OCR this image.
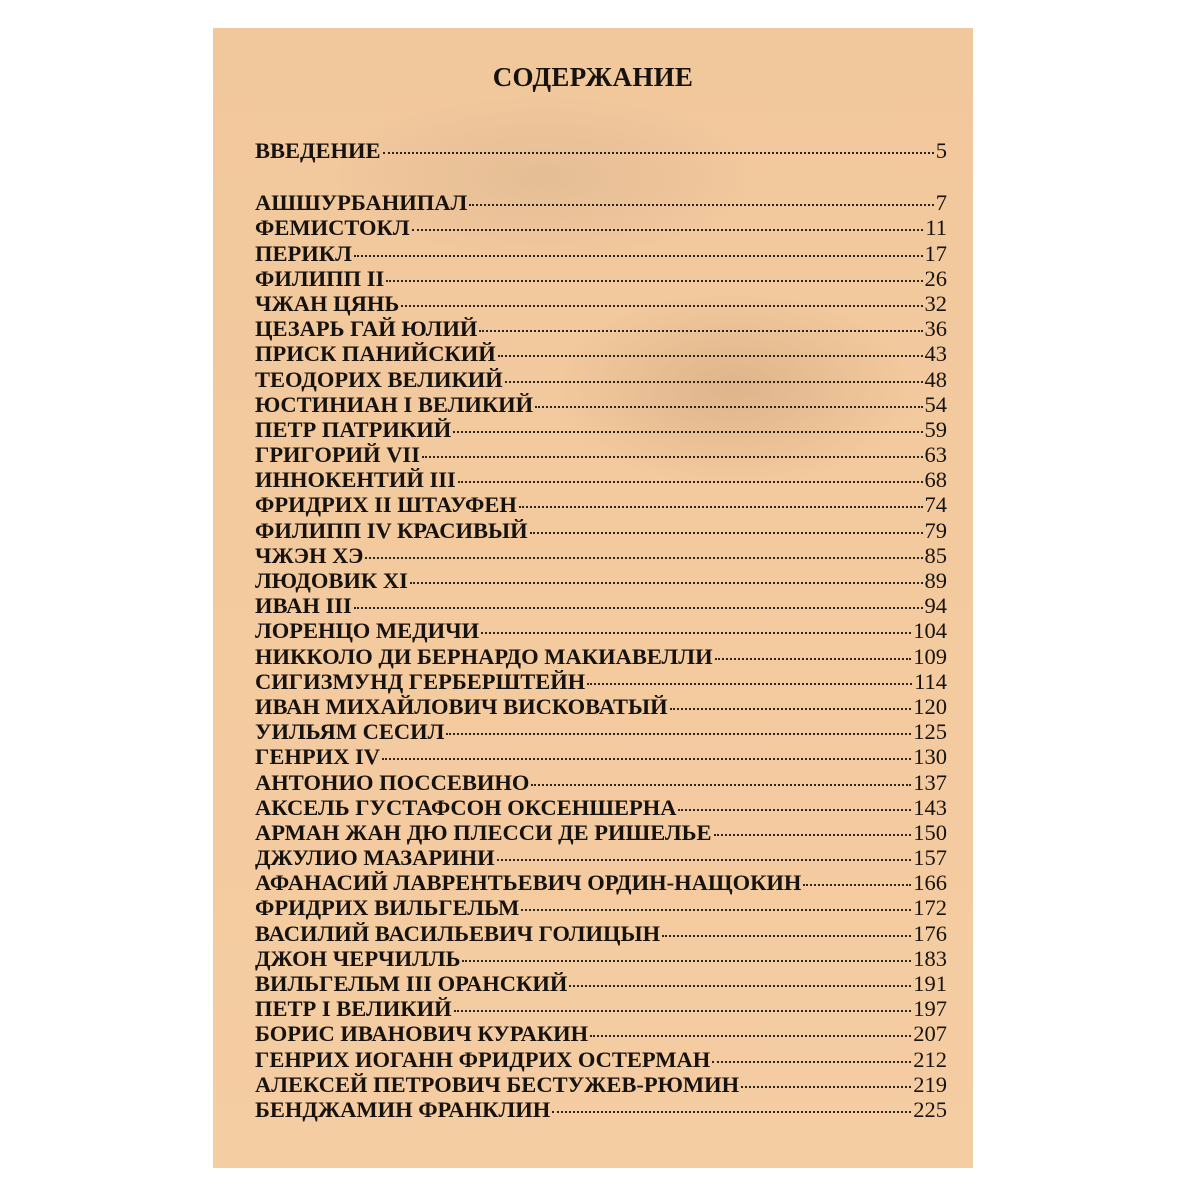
СОДЕРЖАНИЕ
ВВЕДЕНИЕ	5
АШШУРБАНИПАЛ	7
ФЕМИСТОКЛ	11
ПЕРИКЛ	17
ФИЛИПП II	26
ЧЖАН ЦЯНЬ	32
ЦЕЗАРЬ ГАЙ ЮЛИЙ	36
ПРИСК ПАНИЙСКИЙ	43
ТЕОДОРИХ ВЕЛИКИЙ	48
ЮСТИНИАН I ВЕЛИКИЙ	54
ПЕТР ПАТРИКИЙ	59
ГРИГОРИЙ VII	63
ИННОКЕНТИЙ III	68
ФРИДРИХ II ШТАУФЕН	74
ФИЛИПП IV КРАСИВЫЙ	79
ЧЖЭН ХЭ	85
ЛЮДОВИК XI	89
ИВАН III	94
ЛОРЕНЦО МЕДИЧИ	104
НИККОЛО ДИ БЕРНАРДО МАКИАВЕЛЛИ	109
СИГИЗМУНД ГЕРБЕРШТЕЙН	114
ИВАН МИХАЙЛОВИЧ ВИСКОВАТЫЙ	120
УИЛЬЯМ СЕСИЛ	125
ГЕНРИХ IV	130
АНТОНИО ПОССЕВИНО	137
АКСЕЛЬ ГУСТАФСОН ОКСЕНШЕРНА	143
АРМАН ЖАН ДЮ ПЛЕССИ ДЕ РИШЕЛЬЕ	150
ДЖУЛИО МАЗАРИНИ	157
АФАНАСИЙ ЛАВРЕНТЬЕВИЧ ОРДИН-НАЩОКИН	166
ФРИДРИХ ВИЛЬГЕЛЬМ	172
ВАСИЛИЙ ВАСИЛЬЕВИЧ ГОЛИЦЫН	176
ДЖОН ЧЕРЧИЛЛЬ	183
ВИЛЬГЕЛЬМ III ОРАНСКИЙ	191
ПЕТР I ВЕЛИКИЙ	197
БОРИС ИВАНОВИЧ КУРАКИН	207
ГЕНРИХ ИОГАНН ФРИДРИХ ОСТЕРМАН	212
АЛЕКСЕЙ ПЕТРОВИЧ БЕСТУЖЕВ-РЮМИН	219
БЕНДЖАМИН ФРАНКЛИН	225
